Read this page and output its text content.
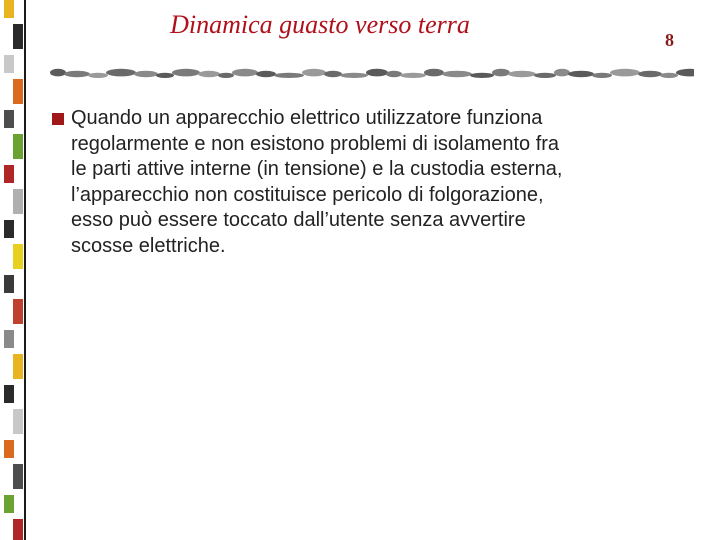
Dinamica guasto verso terra
8
Quando un apparecchio elettrico utilizzatore funziona
regolarmente e non esistono problemi di isolamento fra
le parti attive interne (in tensione) e la custodia esterna,
l’apparecchio non costituisce pericolo di folgorazione,
esso può essere toccato dall’utente senza avvertire
scosse elettriche.
